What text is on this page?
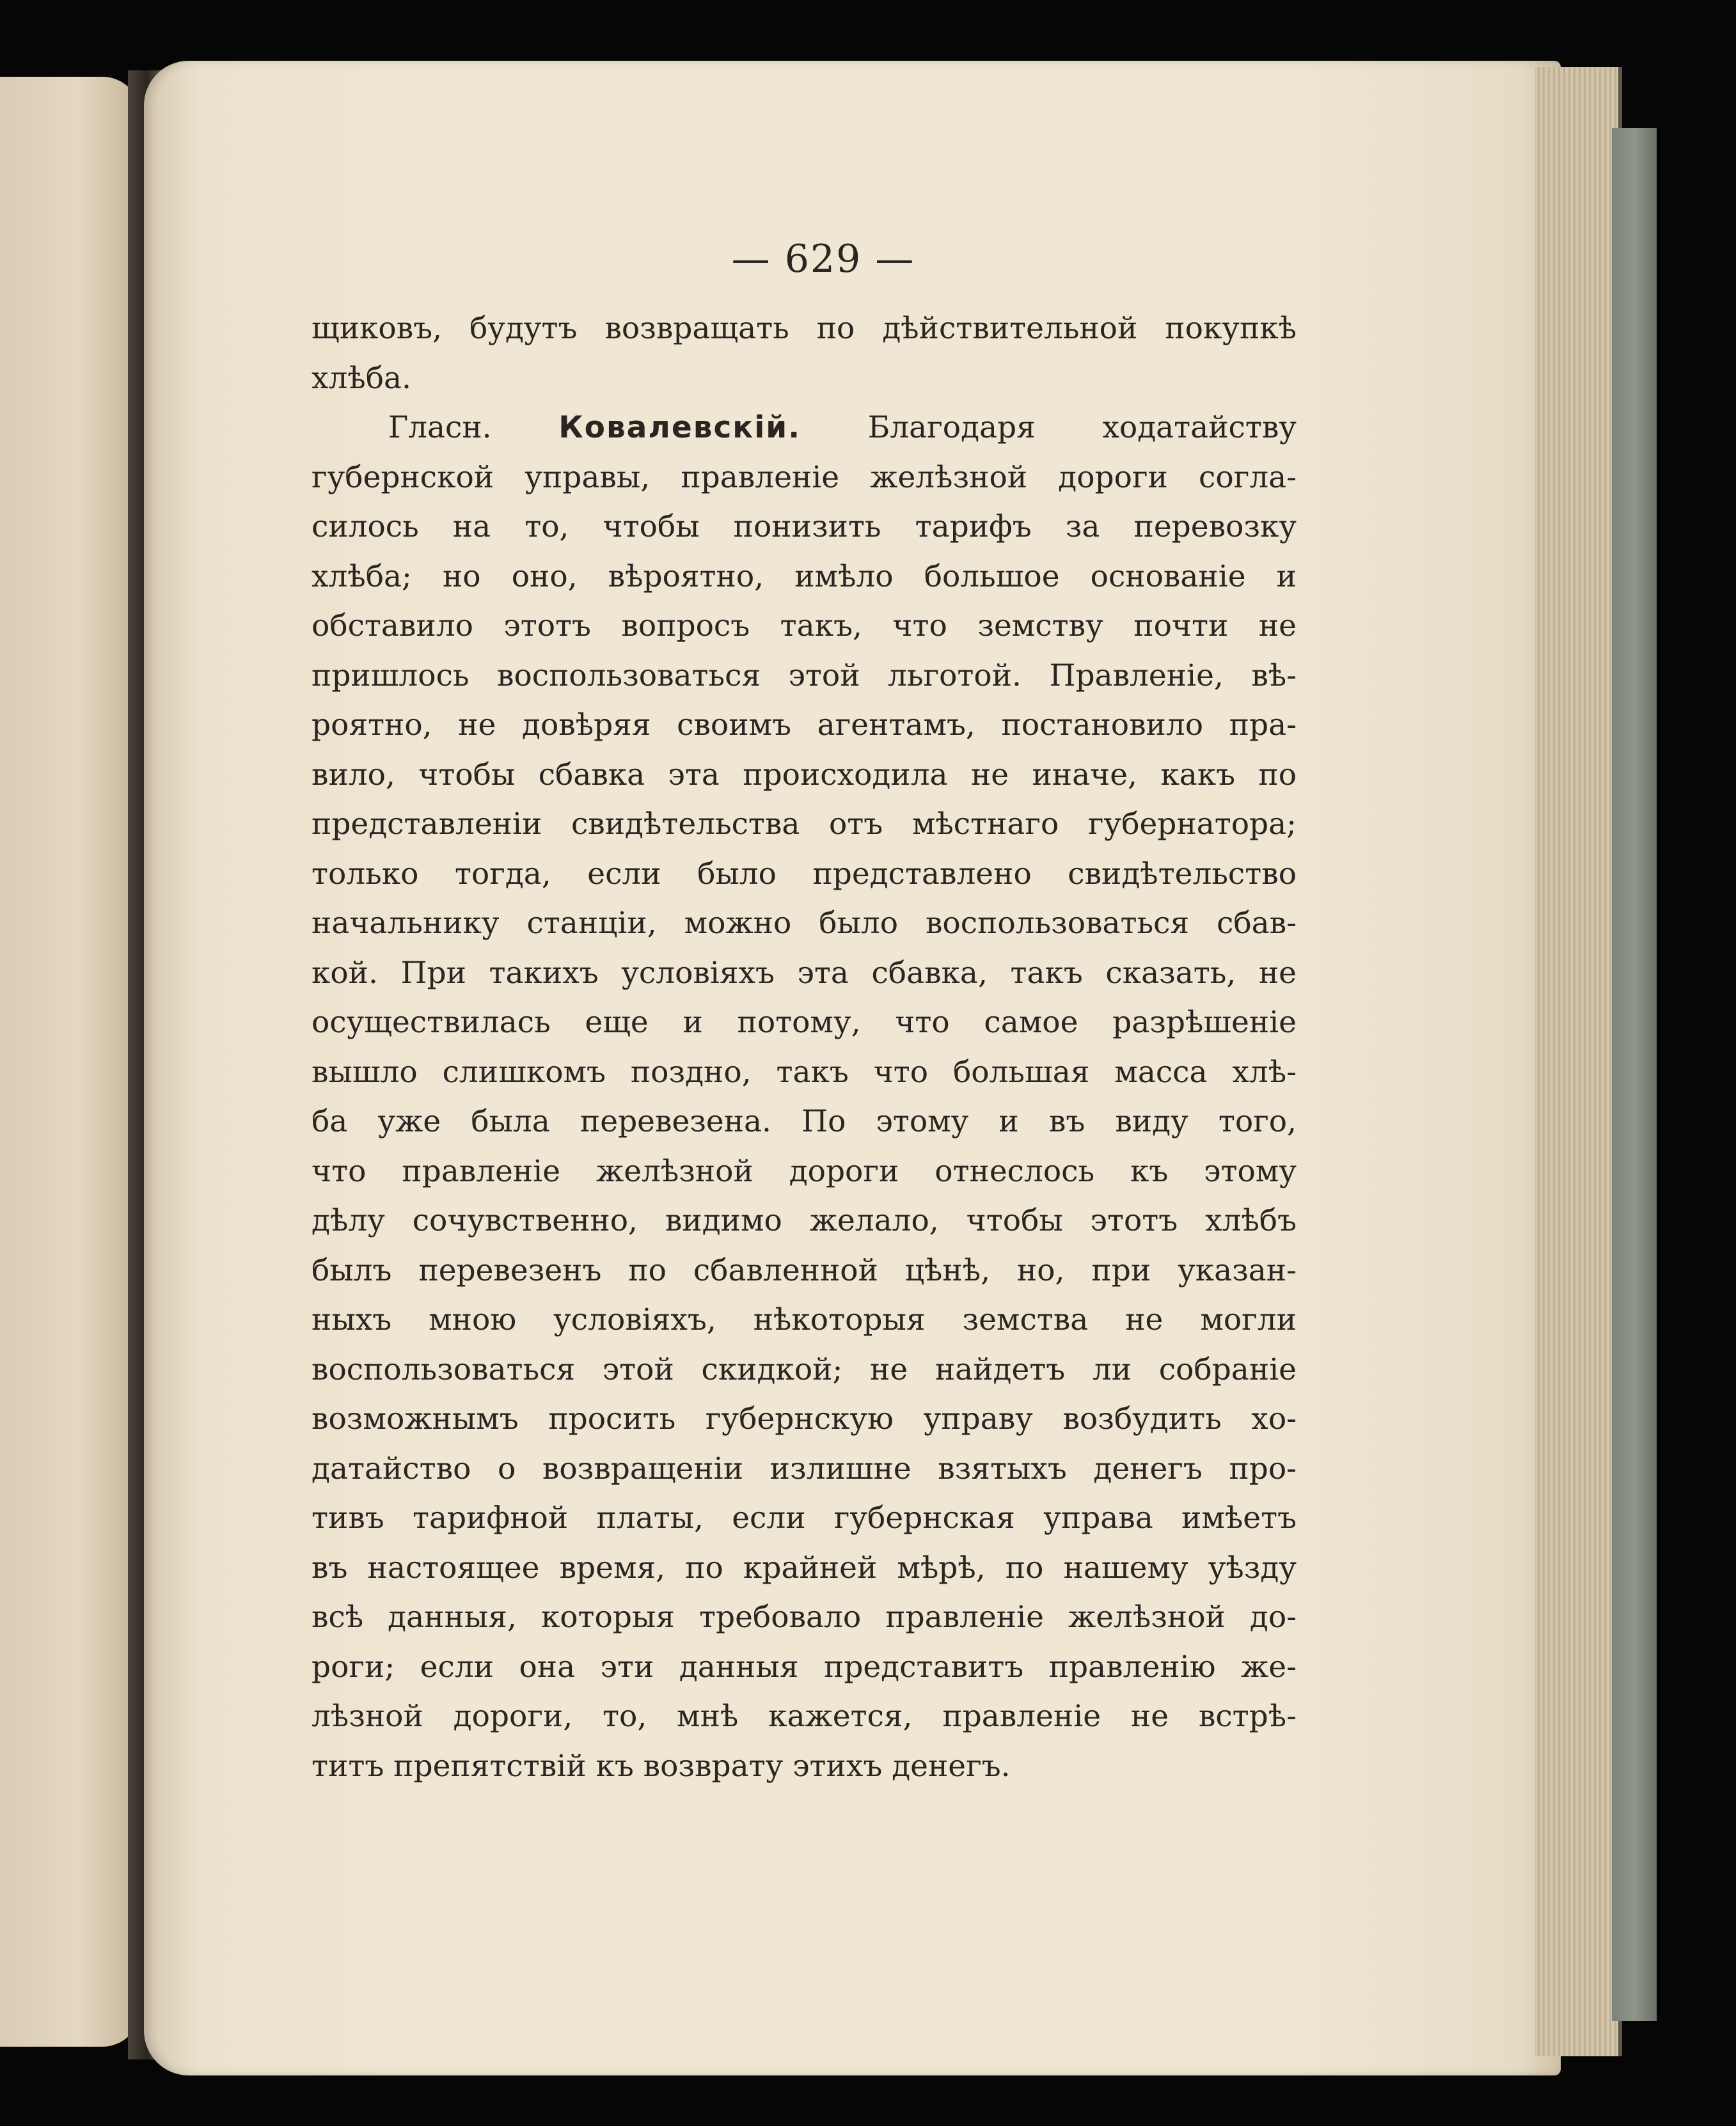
— 629 —
щиковъ, будутъ возвращать по дѣйствительной покупкѣ
хлѣба.
Гласн. Ковалевскій. Благодаря ходатайству
губернской управы, правленіе желѣзной дороги согла-
силось на то, чтобы понизить тарифъ за перевозку
хлѣба; но оно, вѣроятно, имѣло большое основаніе и
обставило этотъ вопросъ такъ, что земству почти не
пришлось воспользоваться этой льготой. Правленіе, вѣ-
роятно, не довѣряя своимъ агентамъ, постановило пра-
вило, чтобы сбавка эта происходила не иначе, какъ по
представленіи свидѣтельства отъ мѣстнаго губернатора;
только тогда, если было представлено свидѣтельство
начальнику станціи, можно было воспользоваться сбав-
кой. При такихъ условіяхъ эта сбавка, такъ сказать, не
осуществилась еще и потому, что самое разрѣшеніе
вышло слишкомъ поздно, такъ что большая масса хлѣ-
ба уже была перевезена. По этому и въ виду того,
что правленіе желѣзной дороги отнеслось къ этому
дѣлу сочувственно, видимо желало, чтобы этотъ хлѣбъ
былъ перевезенъ по сбавленной цѣнѣ, но, при указан-
ныхъ мною условіяхъ, нѣкоторыя земства не могли
воспользоваться этой скидкой; не найдетъ ли собраніе
возможнымъ просить губернскую управу возбудить хо-
датайство о возвращеніи излишне взятыхъ денегъ про-
тивъ тарифной платы, если губернская управа имѣетъ
въ настоящее время, по крайней мѣрѣ, по нашему уѣзду
всѣ данныя, которыя требовало правленіе желѣзной до-
роги; если она эти данныя представитъ правленію же-
лѣзной дороги, то, мнѣ кажется, правленіе не встрѣ-
титъ препятствій къ возврату этихъ денегъ.
